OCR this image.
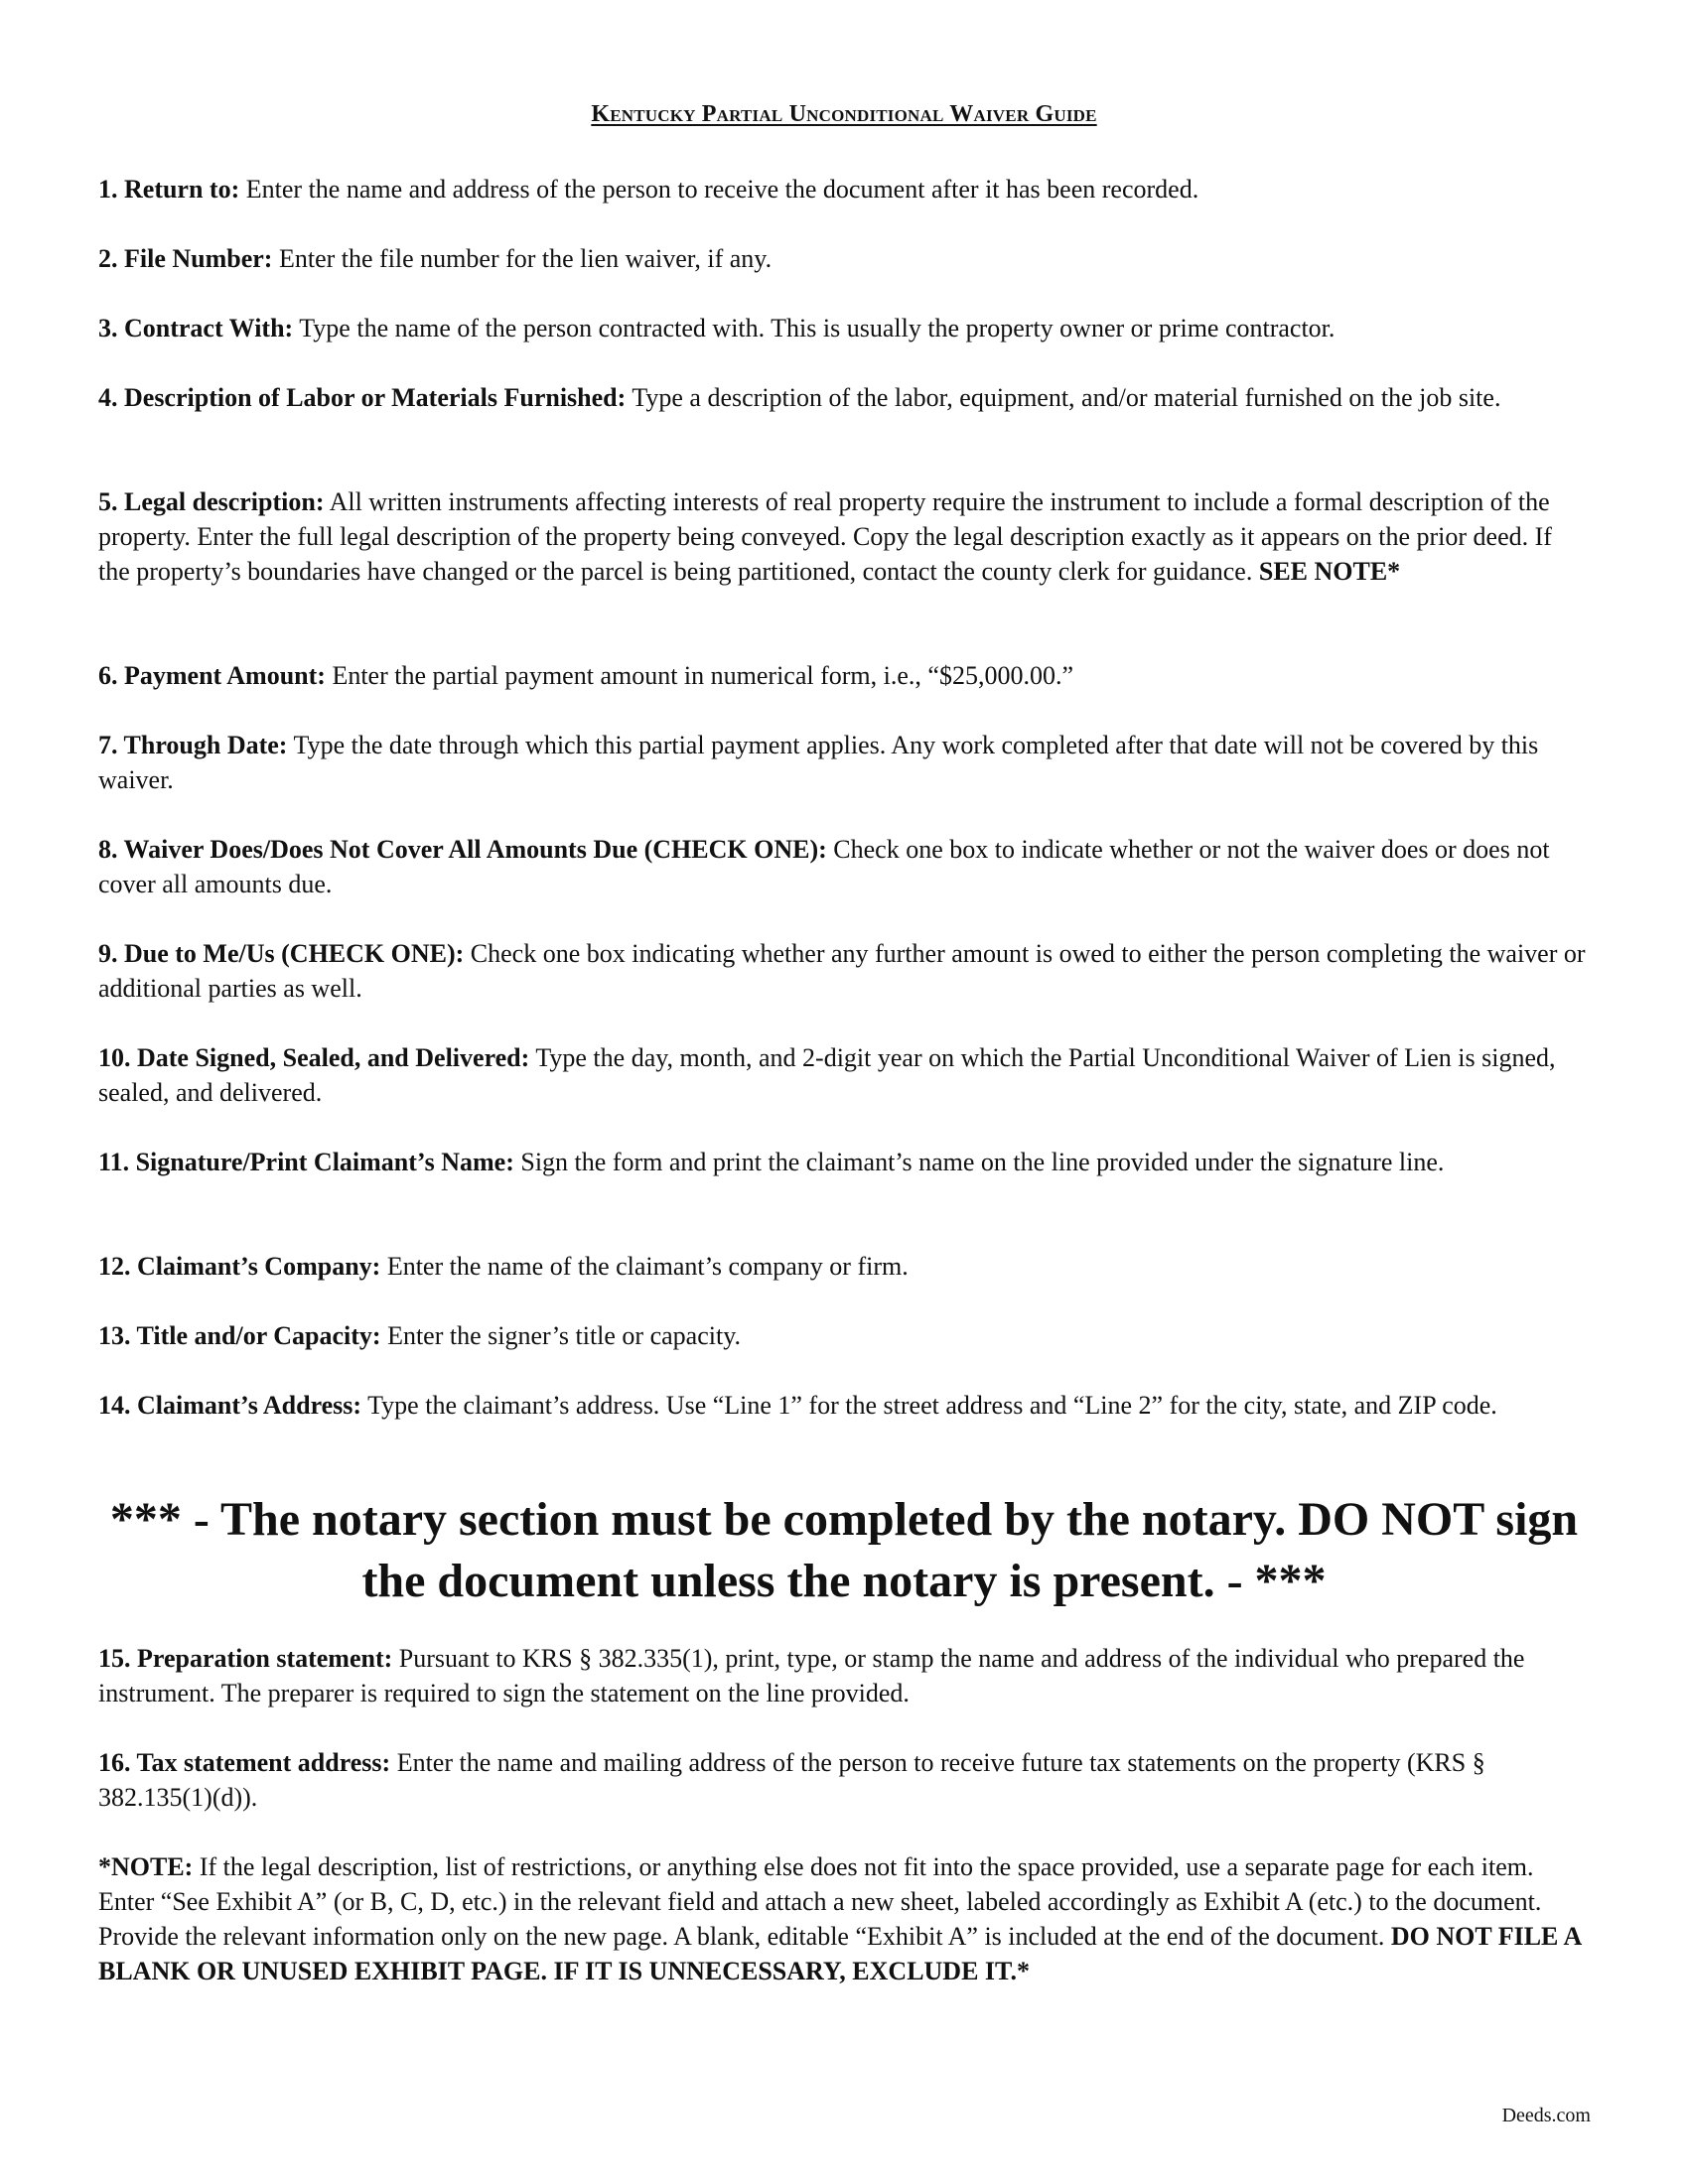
Kentucky Partial Unconditional Waiver Guide
1. Return to: Enter the name and address of the person to receive the document after it has been recorded.
2. File Number: Enter the file number for the lien waiver, if any.
3. Contract With: Type the name of the person contracted with. This is usually the property owner or prime contractor.
4. Description of Labor or Materials Furnished: Type a description of the labor, equipment, and/or material furnished on the job site.
5. Legal description: All written instruments affecting interests of real property require the instrument to include a formal description of the property. Enter the full legal description of the property being conveyed. Copy the legal description exactly as it appears on the prior deed. If the property’s boundaries have changed or the parcel is being partitioned, contact the county clerk for guidance. SEE NOTE*
6. Payment Amount: Enter the partial payment amount in numerical form, i.e., “$25,000.00.”
7. Through Date: Type the date through which this partial payment applies. Any work completed after that date will not be covered by this waiver.
8. Waiver Does/Does Not Cover All Amounts Due (CHECK ONE): Check one box to indicate whether or not the waiver does or does not cover all amounts due.
9. Due to Me/Us (CHECK ONE): Check one box indicating whether any further amount is owed to either the person completing the waiver or additional parties as well.
10. Date Signed, Sealed, and Delivered: Type the day, month, and 2-digit year on which the Partial Unconditional Waiver of Lien is signed, sealed, and delivered.
11. Signature/Print Claimant’s Name: Sign the form and print the claimant’s name on the line provided under the signature line.
12. Claimant’s Company: Enter the name of the claimant’s company or firm.
13. Title and/or Capacity: Enter the signer’s title or capacity.
14. Claimant’s Address: Type the claimant’s address. Use “Line 1” for the street address and “Line 2” for the city, state, and ZIP code.
*** - The notary section must be completed by the notary. DO NOT sign the document unless the notary is present. - ***
15. Preparation statement: Pursuant to KRS § 382.335(1), print, type, or stamp the name and address of the individual who prepared the instrument. The preparer is required to sign the statement on the line provided.
16. Tax statement address: Enter the name and mailing address of the person to receive future tax statements on the property (KRS § 382.135(1)(d)).
*NOTE: If the legal description, list of restrictions, or anything else does not fit into the space provided, use a separate page for each item. Enter “See Exhibit A” (or B, C, D, etc.) in the relevant field and attach a new sheet, labeled accordingly as Exhibit A (etc.) to the document. Provide the relevant information only on the new page. A blank, editable “Exhibit A” is included at the end of the document. DO NOT FILE A BLANK OR UNUSED EXHIBIT PAGE. IF IT IS UNNECESSARY, EXCLUDE IT.*
Deeds.com
